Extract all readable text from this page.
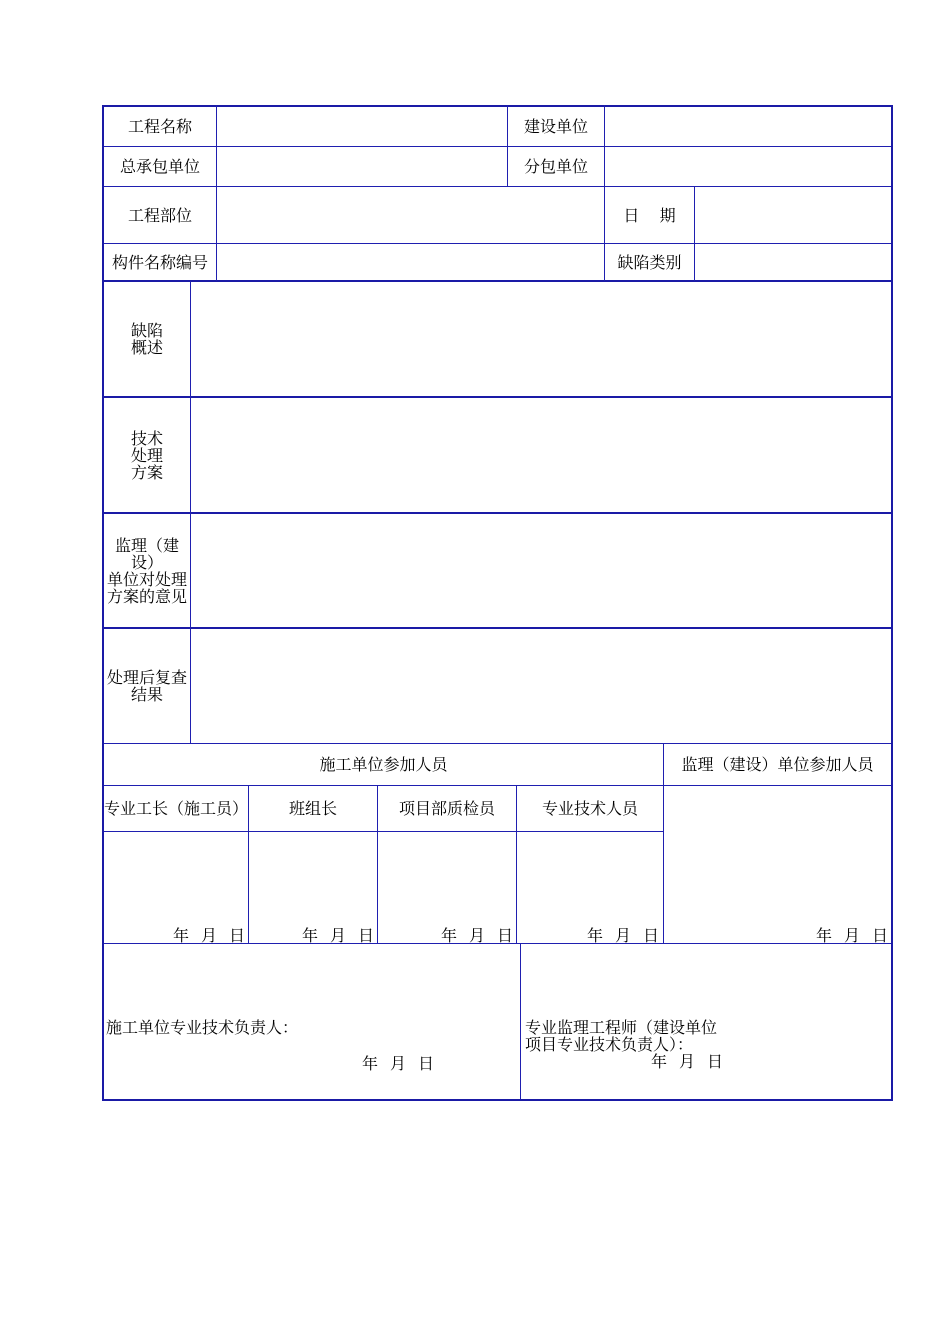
工程名称	建设单位
总承包单位	分包单位
工程部位	日    期
构件名称编号	缺陷类别
缺陷
概述
技术
处理
方案
监理（建
设）
单位对处理
方案的意见
处理后复查
结果
施工单位参加人员	监理（建设）单位参加人员
专业工长（施工员）	班组长	项目部质检员	专业技术人员
年 月 日	年 月 日	年 月 日	年 月 日	年 月 日
施工单位专业技术负责人：
年 月 日
专业监理工程师（建设单位
项目专业技术负责人）：
年 月 日
